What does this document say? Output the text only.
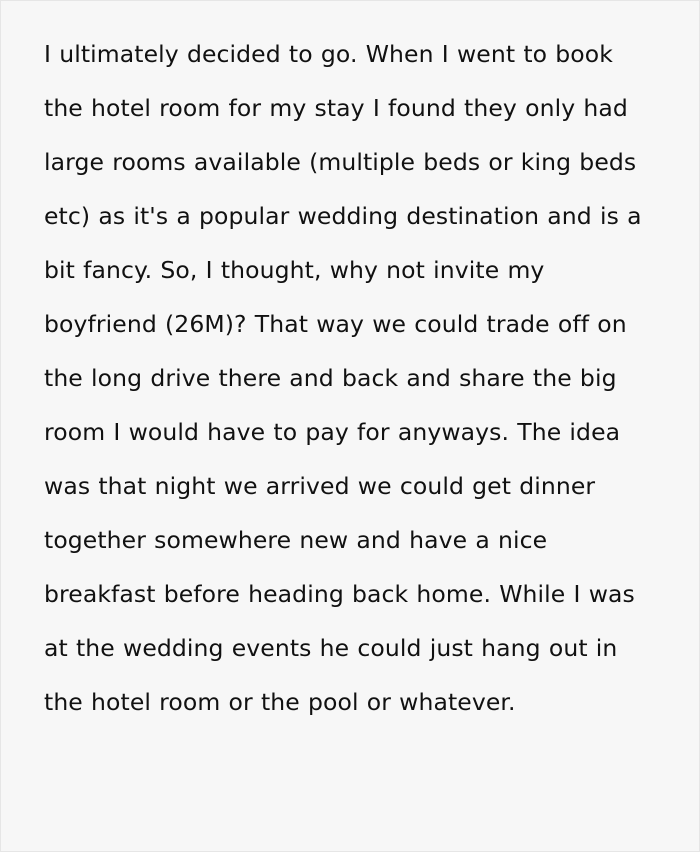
I ultimately decided to go. When I went to book the hotel room for my stay I found they only had large rooms available (multiple beds or king beds etc) as it's a popular wedding destination and is a bit fancy. So, I thought, why not invite my boyfriend (26M)? That way we could trade off on the long drive there and back and share the big room I would have to pay for anyways. The idea was that night we arrived we could get dinner together somewhere new and have a nice breakfast before heading back home. While I was at the wedding events he could just hang out in the hotel room or the pool or whatever.
